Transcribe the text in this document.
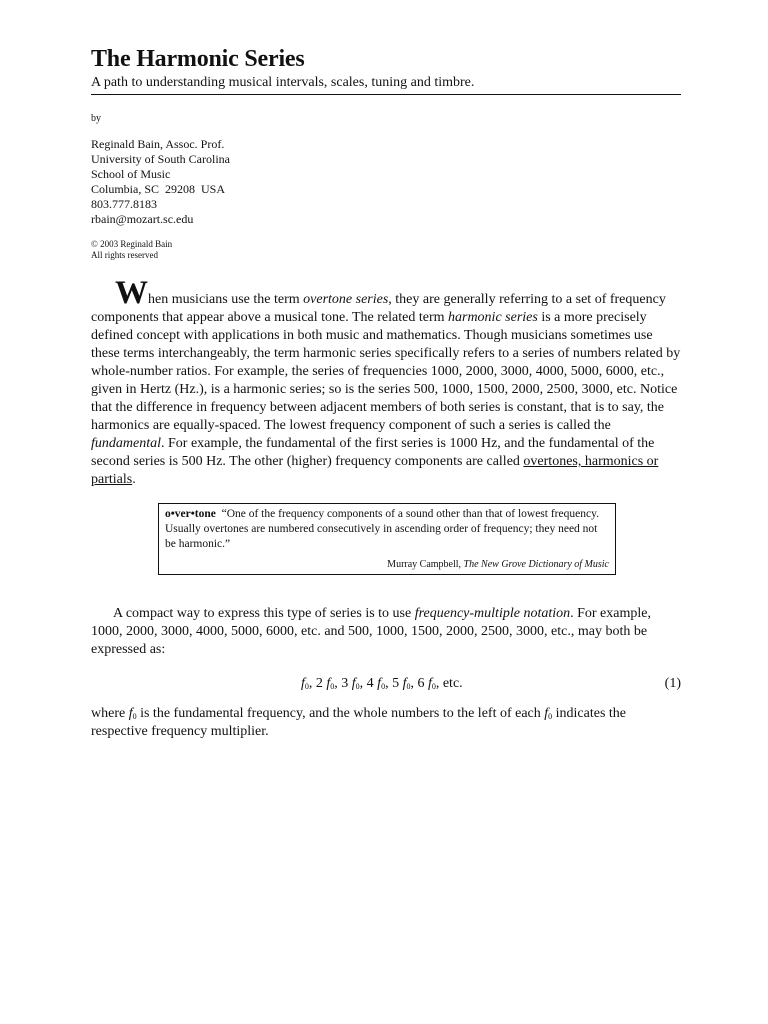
The Harmonic Series

A path to understanding musical intervals, scales, tuning and timbre.

by
Reginald Bain, Assoc. Prof.
University of South Carolina
School of Music
Columbia, SC  29208  USA
803.777.8183
rbain@mozart.sc.edu
© 2003 Reginald Bain
All rights reserved

When musicians use the term overtone series, they are generally referring to a set of frequency components that appear above a musical tone. The related term harmonic series is a more precisely defined concept with applications in both music and mathematics. Though musicians sometimes use these terms interchangeably, the term harmonic series specifically refers to a series of numbers related by whole-number ratios. For example, the series of frequencies 1000, 2000, 3000, 4000, 5000, 6000, etc., given in Hertz (Hz.), is a harmonic series; so is the series 500, 1000, 1500, 2000, 2500, 3000, etc. Notice that the difference in frequency between adjacent members of both series is constant, that is to say, the harmonics are equally-spaced. The lowest frequency component of such a series is called the fundamental. For example, the fundamental of the first series is 1000 Hz, and the fundamental of the second series is 500 Hz. The other (higher) frequency components are called overtones, harmonics or partials.

o•ver•tone “One of the frequency components of a sound other than that of lowest frequency. Usually overtones are numbered consecutively in ascending order of frequency; they need not be harmonic.”
Murray Campbell, The New Grove Dictionary of Music

A compact way to express this type of series is to use frequency-multiple notation. For example, 1000, 2000, 3000, 4000, 5000, 6000, etc. and 500, 1000, 1500, 2000, 2500, 3000, etc., may both be expressed as:

$f_0$, 2 $f_0$, 3 $f_0$, 4 $f_0$, 5 $f_0$, 6 $f_0$, etc.	(1)

where $f_0$ is the fundamental frequency, and the whole numbers to the left of each $f_0$ indicates the respective frequency multiplier.
